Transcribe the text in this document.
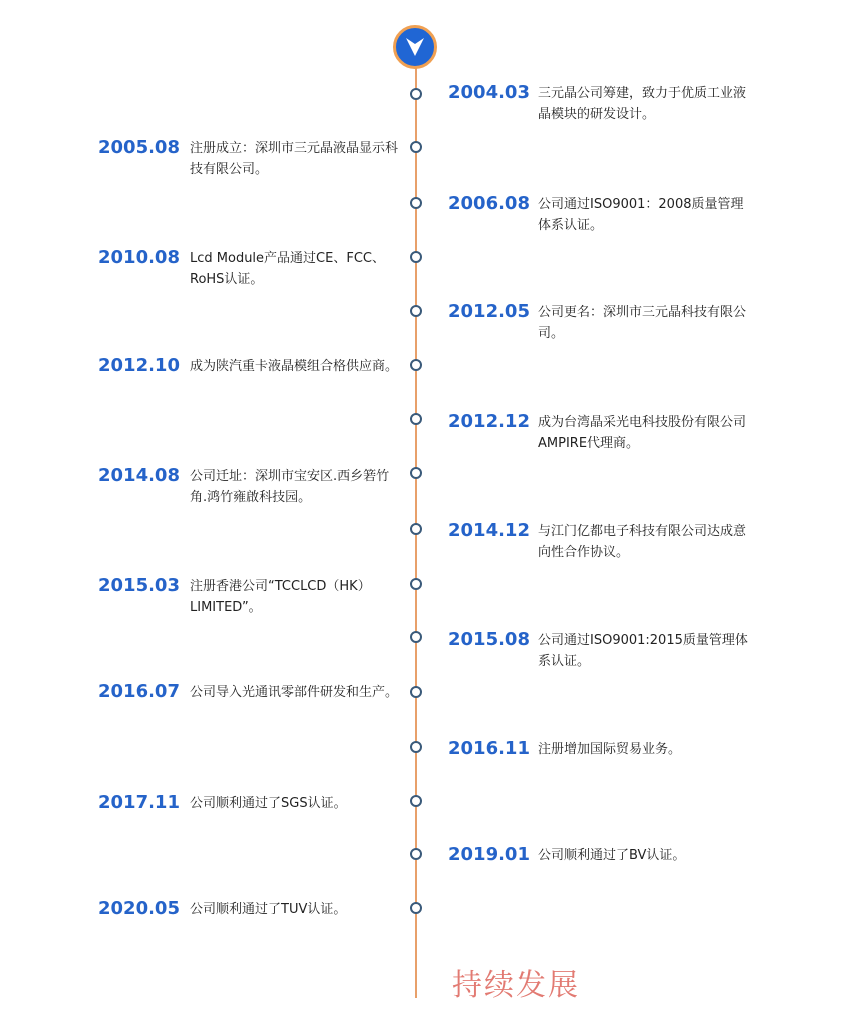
2004.03 三元晶公司筹建，致力于优质工业液晶模块的研发设计。
2005.08 注册成立：深圳市三元晶液晶显示科技有限公司。
2006.08 公司通过ISO9001：2008质量管理体系认证。
2010.08 Lcd Module产品通过CE、FCC、RoHS认证。
2012.05 公司更名：深圳市三元晶科技有限公司。
2012.10 成为陕汽重卡液晶模组合格供应商。
2012.12 成为台湾晶采光电科技股份有限公司AMPIRE代理商。
2014.08 公司迁址：深圳市宝安区.西乡箬竹角.鸿竹雍啟科技园。
2014.12 与江门亿都电子科技有限公司达成意向性合作协议。
2015.03 注册香港公司“TCCLCD（HK）LIMITED”。
2015.08 公司通过ISO9001:2015质量管理体系认证。
2016.07 公司导入光通讯零部件研发和生产。
2016.11 注册增加国际贸易业务。
2017.11 公司顺利通过了SGS认证。
2019.01 公司顺利通过了BV认证。
2020.05 公司顺利通过了TUV认证。
持续发展
